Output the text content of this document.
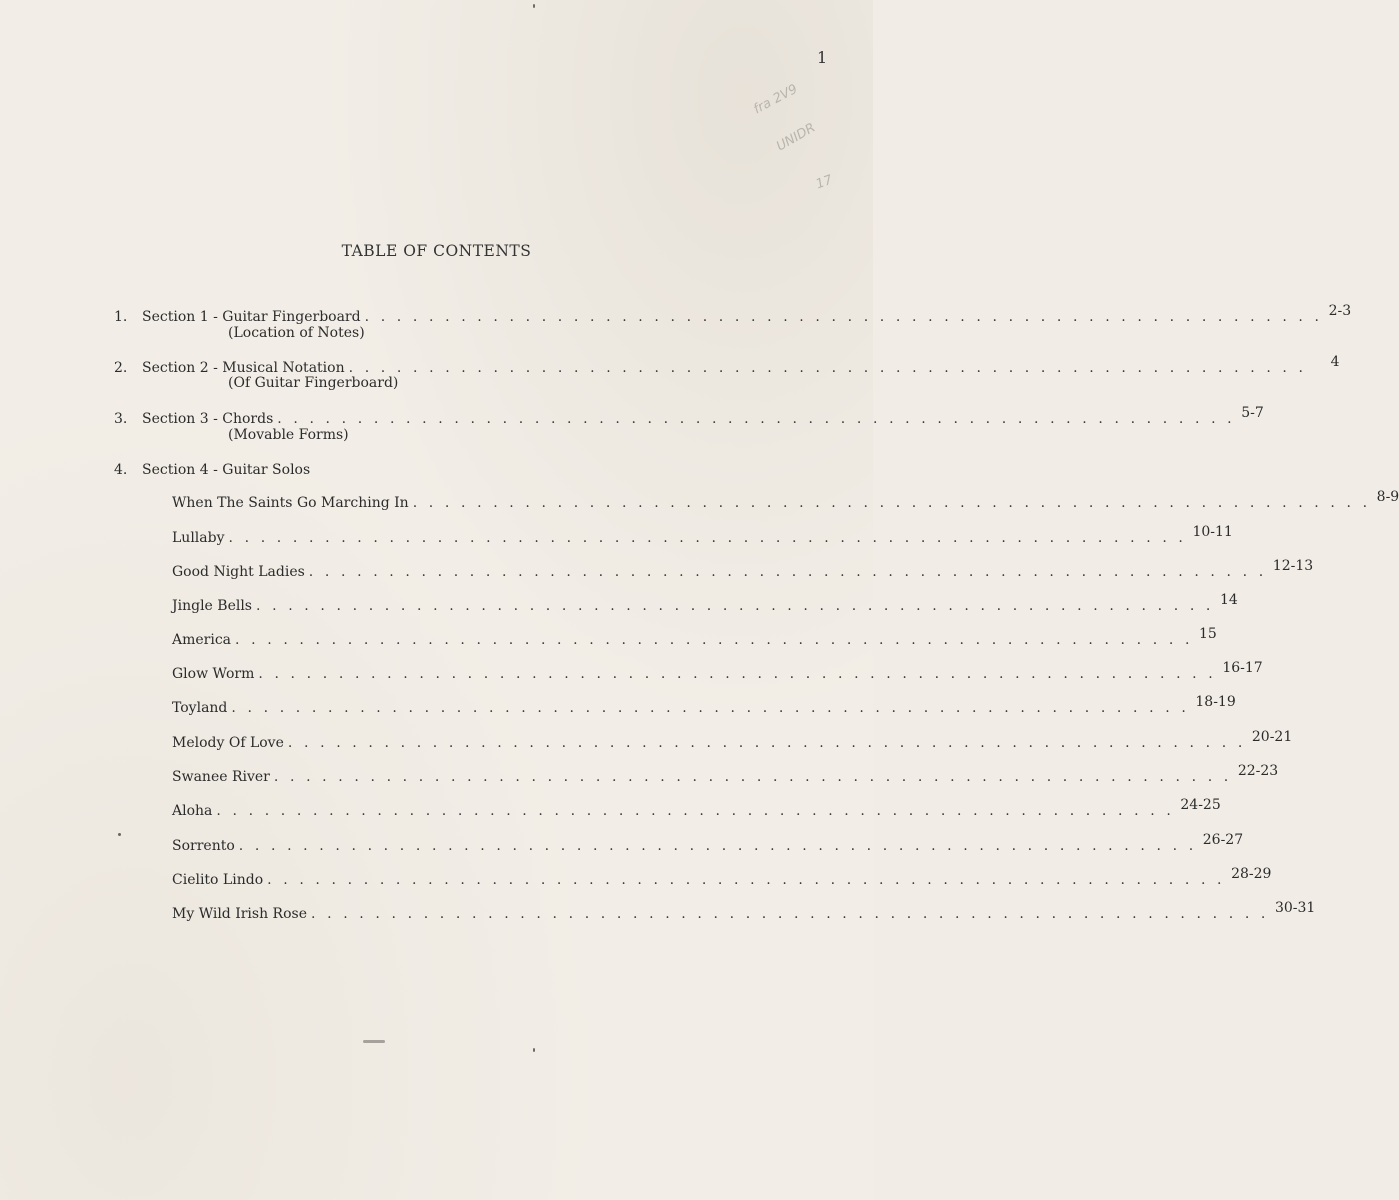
1
fra 2V9
UNIDR
17
TABLE OF CONTENTS
1.	Section 1 - Guitar Fingerboard . . . . . . . . . . . . . . . . . . . . . . . . . . . . . . . . . . . . . . . . . . . . . . . . . . . . . . . . . . . . 2-3
(Location of Notes)
2.	Section 2 - Musical Notation . . . . . . . . . . . . . . . . . . . . . . . . . . . . . . . . . . . . . . . . . . . . . . . . . . . . . . . . . . . . 4
(Of Guitar Fingerboard)
3.	Section 3 - Chords . . . . . . . . . . . . . . . . . . . . . . . . . . . . . . . . . . . . . . . . . . . . . . . . . . . . . . . . . . . . 5-7
(Movable Forms)
4.	Section 4 - Guitar Solos
When The Saints Go Marching In . . . . . . . . . . . . . . . . . . . . . . . . . . . . . . . . . . . . . . . . . . . . . . . . . . . . . . . . . . . . 8-9
Lullaby . . . . . . . . . . . . . . . . . . . . . . . . . . . . . . . . . . . . . . . . . . . . . . . . . . . . . . . . . . . . 10-11
Good Night Ladies . . . . . . . . . . . . . . . . . . . . . . . . . . . . . . . . . . . . . . . . . . . . . . . . . . . . . . . . . . . . 12-13
Jingle Bells . . . . . . . . . . . . . . . . . . . . . . . . . . . . . . . . . . . . . . . . . . . . . . . . . . . . . . . . . . . . 14
America . . . . . . . . . . . . . . . . . . . . . . . . . . . . . . . . . . . . . . . . . . . . . . . . . . . . . . . . . . . . 15
Glow Worm . . . . . . . . . . . . . . . . . . . . . . . . . . . . . . . . . . . . . . . . . . . . . . . . . . . . . . . . . . . . 16-17
Toyland . . . . . . . . . . . . . . . . . . . . . . . . . . . . . . . . . . . . . . . . . . . . . . . . . . . . . . . . . . . . 18-19
Melody Of Love . . . . . . . . . . . . . . . . . . . . . . . . . . . . . . . . . . . . . . . . . . . . . . . . . . . . . . . . . . . . 20-21
Swanee River . . . . . . . . . . . . . . . . . . . . . . . . . . . . . . . . . . . . . . . . . . . . . . . . . . . . . . . . . . . . 22-23
Aloha . . . . . . . . . . . . . . . . . . . . . . . . . . . . . . . . . . . . . . . . . . . . . . . . . . . . . . . . . . . . 24-25
Sorrento . . . . . . . . . . . . . . . . . . . . . . . . . . . . . . . . . . . . . . . . . . . . . . . . . . . . . . . . . . . . 26-27
Cielito Lindo . . . . . . . . . . . . . . . . . . . . . . . . . . . . . . . . . . . . . . . . . . . . . . . . . . . . . . . . . . . . 28-29
My Wild Irish Rose . . . . . . . . . . . . . . . . . . . . . . . . . . . . . . . . . . . . . . . . . . . . . . . . . . . . . . . . . . . . 30-31
